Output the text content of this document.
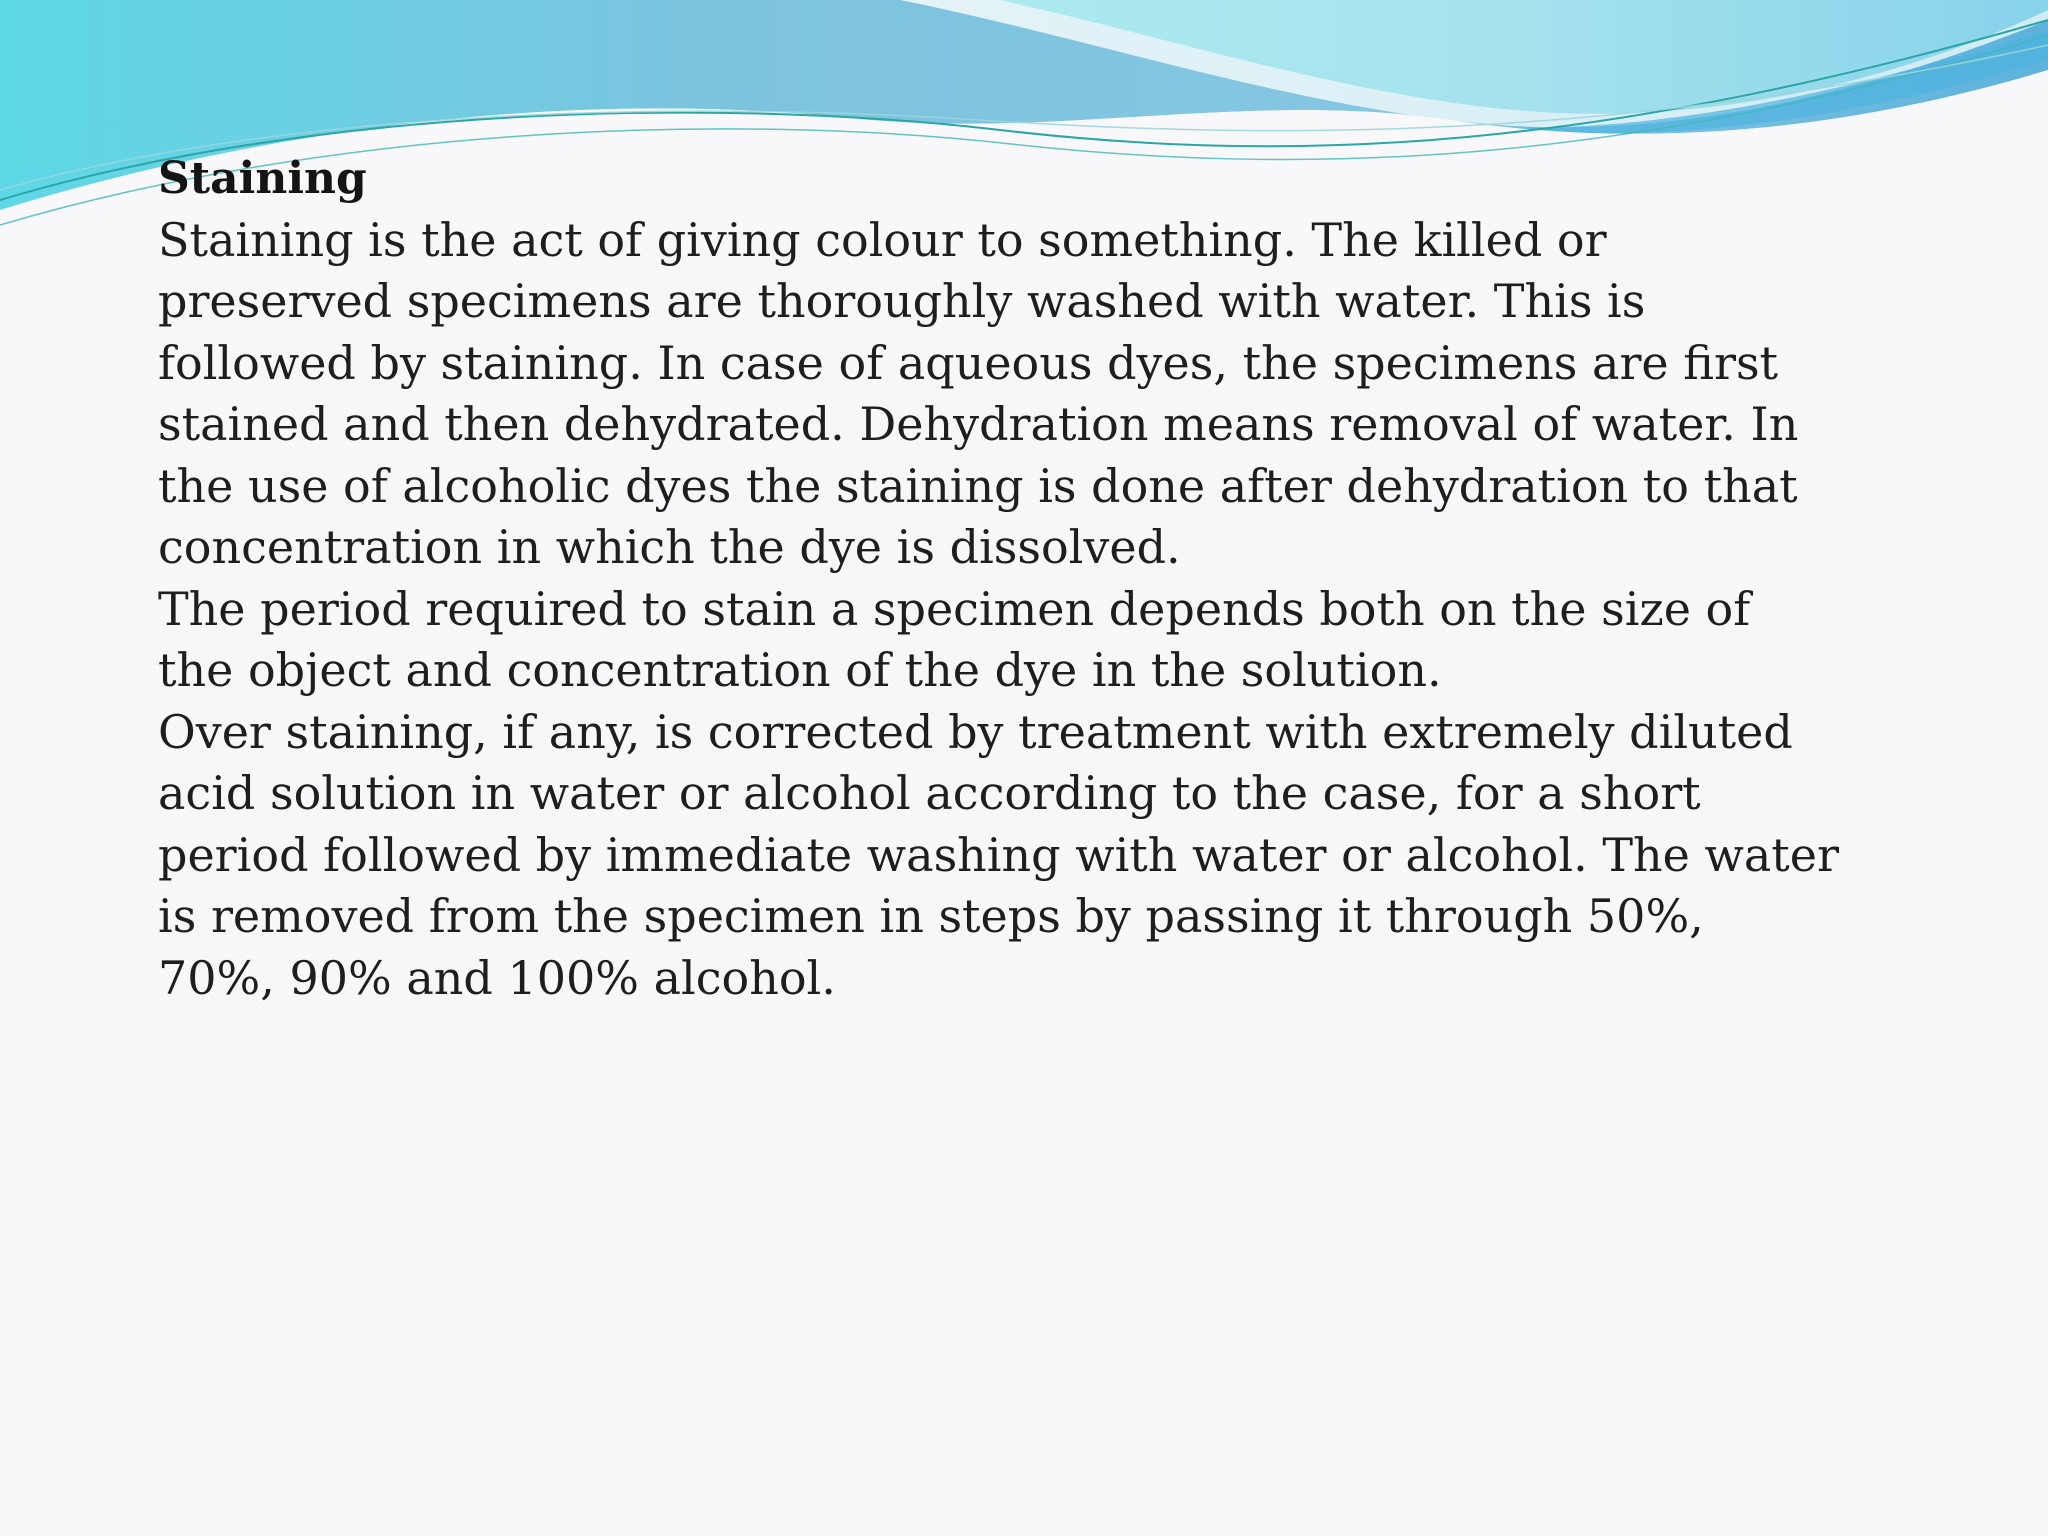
Staining

Staining is the act of giving colour to something. The killed or
preserved specimens are thoroughly washed with water. This is
followed by staining. In case of aqueous dyes, the specimens are first
stained and then dehydrated. Dehydration means removal of water. In
the use of alcoholic dyes the staining is done after dehydration to that
concentration in which the dye is dissolved.

The period required to stain a specimen depends both on the size of
the object and concentration of the dye in the solution.

Over staining, if any, is corrected by treatment with extremely diluted
acid solution in water or alcohol according to the case, for a short
period followed by immediate washing with water or alcohol. The water
is removed from the specimen in steps by passing it through 50%,
70%, 90% and 100% alcohol.
